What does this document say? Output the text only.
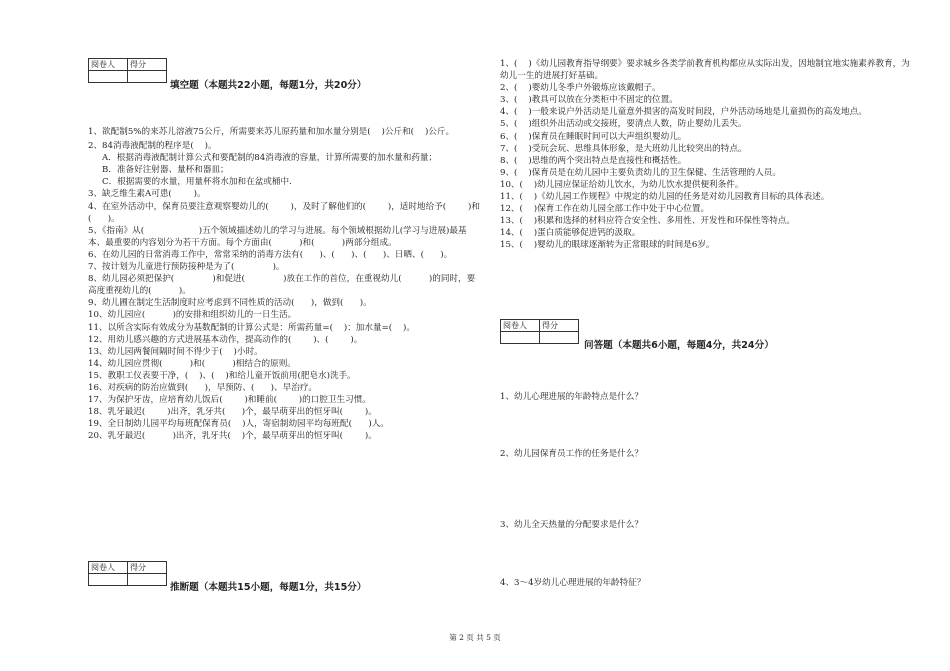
阅卷人	得分

填空题（本题共22小题，每题1分，共20分）
1、欲配制5%的来苏儿溶液75公斤，所需要来苏儿原药量和加水量分别是(    )公斤和(    )公斤。
2、84消毒液配制的程序是(    )。
A．根据消毒液配制计算公式和要配制的84消毒液的容量，计算所需要的加水量和药量；
B．准备好注射器、量杯和器皿；
C．根据需要的水量，用量杯将水加和在盆或桶中.
3、缺乏维生素A可患(        )。
4、在室外活动中，保育员要注意观察婴幼儿的(        )，及时了解他们的(        )，适时地给予(        )和(      )。
5、《指南》从(                    )五个领域描述幼儿的学习与进展。每个领域根据幼儿(学习与进展)最基本、最重要的内容划分为若干方面。每个方面由(          )和(          )两部分组成。
6、在幼儿园的日常消毒工作中，常常采纳的消毒方法有(      )、(      )、(      )、日晒、(      )。
7、按计划为儿童进行预防接种是为了(              )。
8、幼儿园必须把保护(              )和促进(              )放在工作的首位，在重视幼儿(          )的同时，要高度重视幼儿的(          )。
9、幼儿圃在制定生活制度时应考虑到不同性质的活动(      )，做到(      )。
10、幼儿园应(          )的安排和组织幼儿的一日生活。
11、以所含实际有效成分为基数配制的计算公式是：所需药量=(    )：加水量=(    )。
12、用幼儿感兴趣的方式进展基本动作，提高动作的(        )、(        )。
13、幼儿园两餐间隔时间不得少于(    )小时。
14、幼儿园应贯彻(          )和(          )相结合的原则。
15、教职工仪表要干净，(    )、(    )和给儿童开饭前用(肥皂水)洗手。
16、对疾病的防治应做到(      )，早预防、(      )、早治疗。
17、为保护牙齿，应培育幼儿饭后(        )和睡前(        )的口腔卫生习惯。
18、乳牙最迟(        )出齐，乳牙共(      )个，最早萌芽出的恒牙叫(        )。
19、全日制幼儿园平均每班配保育员(    )人，寄宿制幼园平均每班配(      )人。
20、乳牙最迟(          )出齐，乳牙共(    )个，最早萌芽出的恒牙叫(        )。
阅卷人	得分

推断题（本题共15小题，每题1分，共15分）
1、(    )《幼儿园教育指导纲要》要求城乡各类学前教育机构都应从实际出发，因地制宜地实施素养教育，为幼儿一生的进展打好基础。
2、(    )婴幼儿冬季户外锻炼应该戴帽子。
3、(    )教具可以放在分类柜中不固定的位置。
4、(    )一般来说户外活动是儿童意外损害的高发时间段，户外活动场地是儿童损伤的高发地点。
5、(    )组织外出活动或交接班，要清点人数，防止婴幼儿丢失。
6、(    )保育员在睡眠时间可以大声组织婴幼儿。
7、(    )受玩会玩、思维具体形象，是大班幼儿比较突出的特点。
8、(    )思维的两个突出特点是直接性和概括性。
9、(    )保育员是在幼儿园中主要负责幼儿的卫生保健、生活管理的人员。
10、(    )幼儿园应保证给幼儿饮水，为幼儿饮水提供便利条件。
11、(    )《幼儿园工作规程》中规定的幼儿园的任务是对幼儿园教育目标的具体表述。
12、(    )保育工作在幼儿园全部工作中处于中心位置。
13、(    )积累和选择的材料应符合安全性、多用性、开发性和环保性等特点。
14、(    )蛋白质能够促进钙的汲取。
15、(    )婴幼儿的眼球逐渐转为正常眼球的时间是6岁。
阅卷人	得分

问答题（本题共6小题，每题4分，共24分）
1、幼儿心理进展的年龄特点是什么？
2、幼儿园保育员工作的任务是什么？
3、幼儿全天热量的分配要求是什么？
4、3～4岁幼儿心理进展的年龄特征？
第 2 页 共 5 页
